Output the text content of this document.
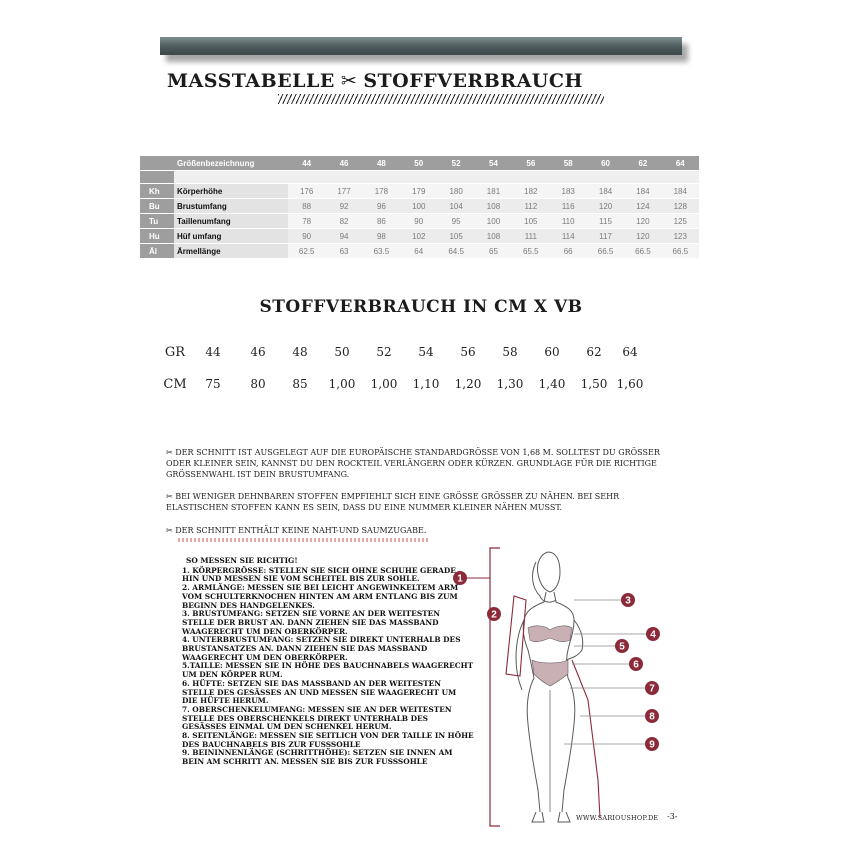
MASSTABELLE ✂ STOFFVERBRAUCH
	Größenbezeichnung	44	46	48	50	52	54	56	58	60	62	64

Kh	Körperhöhe	176	177	178	179	180	181	182	183	184	184	184
Bu	Brustumfang	88	92	96	100	104	108	112	116	120	124	128
Tu	Taillenumfang	78	82	86	90	95	100	105	110	115	120	125
Hu	Hüf umfang	90	94	98	102	105	108	111	114	117	120	123
Äl	Ärmellänge	62.5	63	63.5	64	64.5	65	65.5	66	66.5	66.5	66.5
STOFFVERBRAUCH IN CM X VB
GR 44 46 48 50 52 54 56 58 60 62 64
CM 75 80 85 1,00 1,00 1,10 1,20 1,30 1,40 1,50 1,60
✂ DER SCHNITT IST AUSGELEGT AUF DIE EUROPÄISCHE STANDARDGRÖSSE VON 1,68 M. SOLLTEST DU GRÖSSER ODER KLEINER SEIN, KANNST DU DEN ROCKTEIL VERLÄNGERN ODER KÜRZEN. GRUNDLAGE FÜR DIE RICHTIGE GRÖSSENWAHL IST DEIN BRUSTUMFANG.
✂ BEI WENIGER DEHNBAREN STOFFEN EMPFIEHLT SICH EINE GRÖSSE GRÖSSER ZU NÄHEN. BEI SEHR ELASTISCHEN STOFFEN KANN ES SEIN, DASS DU EINE NUMMER KLEINER NÄHEN MUSST.
✂ DER SCHNITT ENTHÄLT KEINE NAHT-UND SAUMZUGABE.
SO MESSEN SIE RICHTIG!
1. KÖRPERGRÖSSE: STELLEN SIE SICH OHNE SCHUHE GERADE HIN UND MESSEN SIE VOM SCHEITEL BIS ZUR SOHLE.
2. ARMLÄNGE: MESSEN SIE BEI LEICHT ANGEWINKELTEM ARM VOM SCHULTERKNOCHEN HINTEN AM ARM ENTLANG BIS ZUM BEGINN DES HANDGELENKES.
3. BRUSTUMFANG: SETZEN SIE VORNE AN DER WEITESTEN STELLE DER BRUST AN. DANN ZIEHEN SIE DAS MASSBAND WAAGERECHT UM DEN OBERKÖRPER.
4. UNTERBRUSTUMFANG: SETZEN SIE DIREKT UNTERHALB DES BRUSTANSATZES AN. DANN ZIEHEN SIE DAS MASSBAND WAAGERECHT UM DEN OBERKÖRPER.
5.TAILLE: MESSEN SIE IN HÖHE DES BAUCHNABELS WAAGERECHT UM DEN KÖRPER RUM.
6. HÜFTE: SETZEN SIE DAS MASSBAND AN DER WEITESTEN STELLE DES GESÄSSES AN UND MESSEN SIE WAAGERECHT UM DIE HÜFTE HERUM.
7. OBERSCHENKELUMFANG: MESSEN SIE AN DER WEITESTEN STELLE DES OBERSCHENKELS DIREKT UNTERHALB DES GESÄSSES EINMAL UM DEN SCHENKEL HERUM.
8. SEITENLÄNGE: MESSEN SIE SEITLICH VON DER TAILLE IN HÖHE DES BAUCHNABELS BIS ZUR FUSSSOHLE
9. BEININNENLÄNGE (SCHRITTHÖHE): SETZEN SIE INNEN AM BEIN AM SCHRITT AN. MESSEN SIE BIS ZUR FUSSSOHLE
1
2
3
4
5
6
7
8
9
WWW.SARIOUSHOP.DE -3-
